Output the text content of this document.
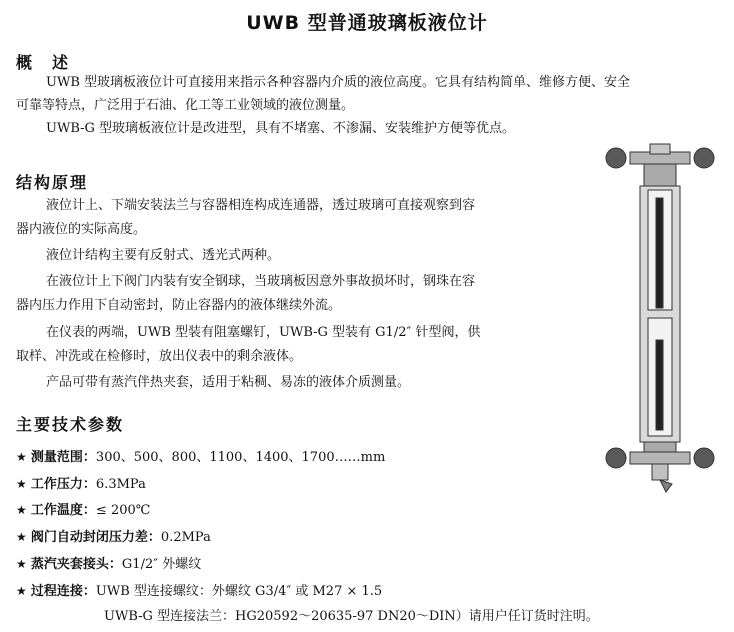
UWB 型普通玻璃板液位计
概　述
UWB 型玻璃板液位计可直接用来指示各种容器内介质的液位高度。它具有结构简单、维修方便、安全
可靠等特点，广泛用于石油、化工等工业领域的液位测量。
UWB-G 型玻璃板液位计是改进型，具有不堵塞、不渗漏、安装维护方便等优点。
结构原理
液位计上、下端安装法兰与容器相连构成连通器，透过玻璃可直接观察到容
器内液位的实际高度。
液位计结构主要有反射式、透光式两种。
在液位计上下阀门内装有安全钢球，当玻璃板因意外事故损坏时，钢珠在容
器内压力作用下自动密封，防止容器内的液体继续外流。
在仪表的两端，UWB 型装有阻塞螺钉，UWB-G 型装有 G1/2″ 针型阀，供
取样、冲洗或在检修时，放出仪表中的剩余液体。
产品可带有蒸汽伴热夹套，适用于粘稠、易冻的液体介质测量。
主要技术参数
★ 测量范围：300、500、800、1100、1400、1700……mm
★ 工作压力：6.3MPa
★ 工作温度：≤ 200℃
★ 阀门自动封闭压力差：0.2MPa
★ 蒸汽夹套接头：G1/2″ 外螺纹
★ 过程连接：UWB 型连接螺纹：外螺纹 G3/4″ 或 M27 × 1.5
UWB-G 型连接法兰：HG20592～20635-97 DN20～DIN）请用户任订货时注明。
